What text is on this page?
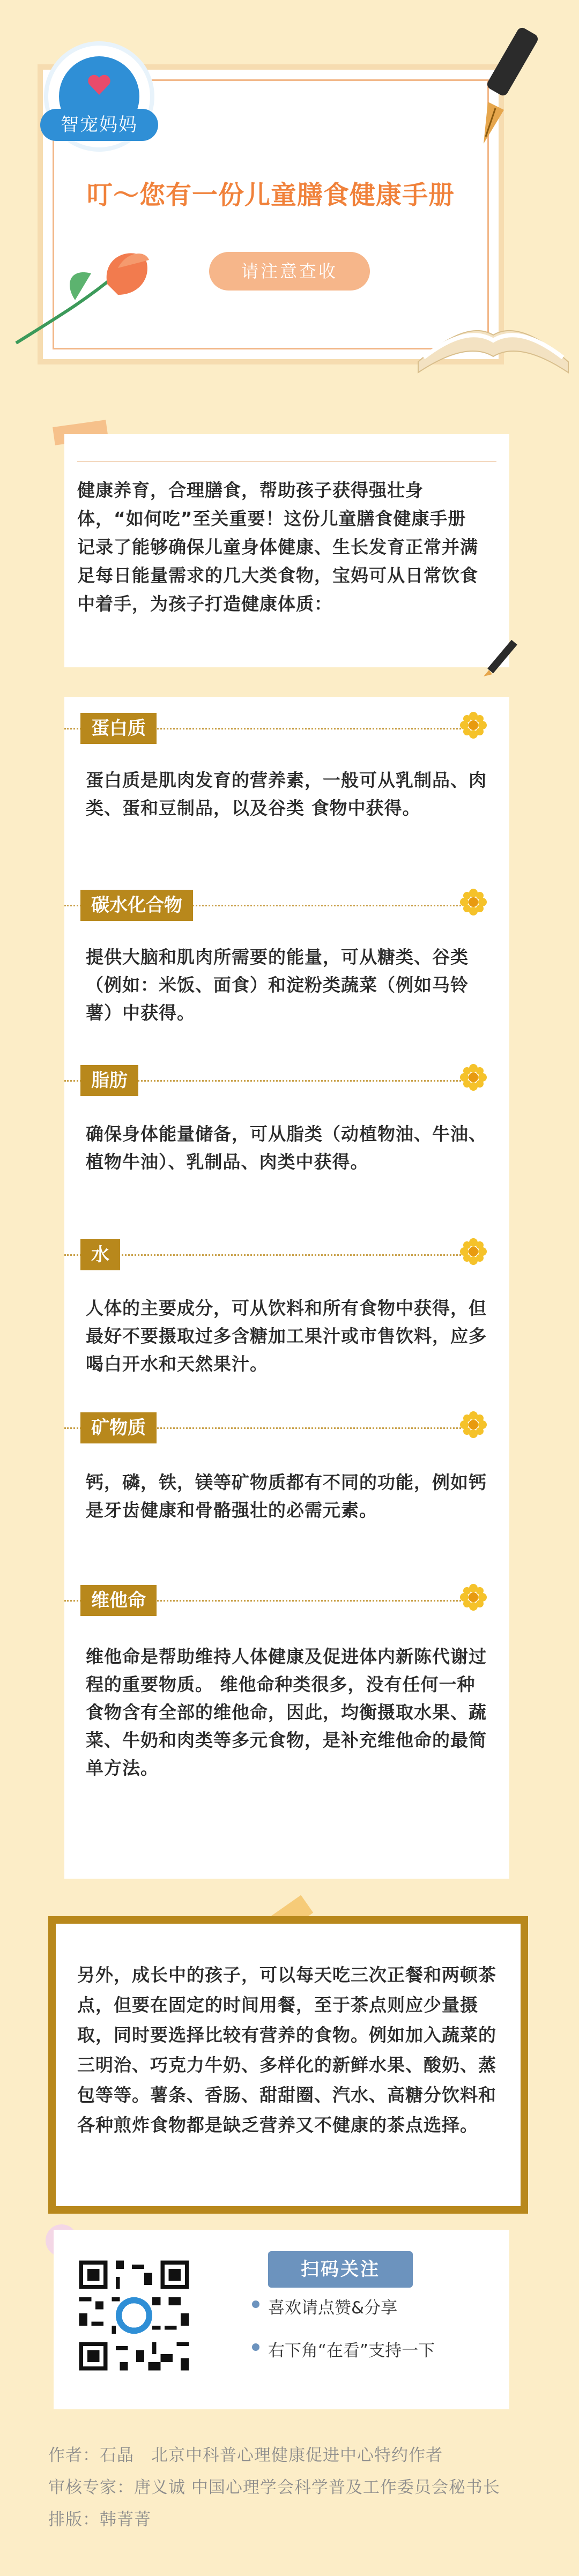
智宠妈妈
叮～您有一份儿童膳食健康手册
请注意查收
健康养育，合理膳食，帮助孩子获得强壮身体，“如何吃”至关重要！这份儿童膳食健康手册记录了能够确保儿童身体健康、生长发育正常并满足每日能量需求的几大类食物，宝妈可从日常饮食中着手，为孩子打造健康体质：
蛋白质
蛋白质是肌肉发育的营养素，一般可从乳制品、肉类、蛋和豆制品，以及谷类 食物中获得。
碳水化合物
提供大脑和肌肉所需要的能量，可从糖类、谷类（例如：米饭、面食）和淀粉类蔬菜（例如马铃薯）中获得。
脂肪
确保身体能量储备，可从脂类（动植物油、牛油、植物牛油）、乳制品、肉类中获得。
水
人体的主要成分，可从饮料和所有食物中获得，但最好不要摄取过多含糖加工果汁或市售饮料，应多喝白开水和天然果汁。
矿物质
钙，磷，铁，镁等矿物质都有不同的功能，例如钙是牙齿健康和骨骼强壮的必需元素。
维他命
维他命是帮助维持人体健康及促进体内新陈代谢过程的重要物质。 维他命种类很多，没有任何一种食物含有全部的维他命，因此，均衡摄取水果、蔬菜、牛奶和肉类等多元食物，是补充维他命的最简单方法。
另外，成长中的孩子，可以每天吃三次正餐和两顿茶点，但要在固定的时间用餐，至于茶点则应少量摄取，同时要选择比较有营养的食物。例如加入蔬菜的三明治、巧克力牛奶、多样化的新鲜水果、酸奶、蒸包等等。薯条、香肠、甜甜圈、汽水、高糖分饮料和各种煎炸食物都是缺乏营养又不健康的茶点选择。
扫码关注
喜欢请点赞&分享
右下角“在看”支持一下
作者：石晶　北京中科普心理健康促进中心特约作者
审核专家：唐义诚 中国心理学会科学普及工作委员会秘书长
排版：韩菁菁
